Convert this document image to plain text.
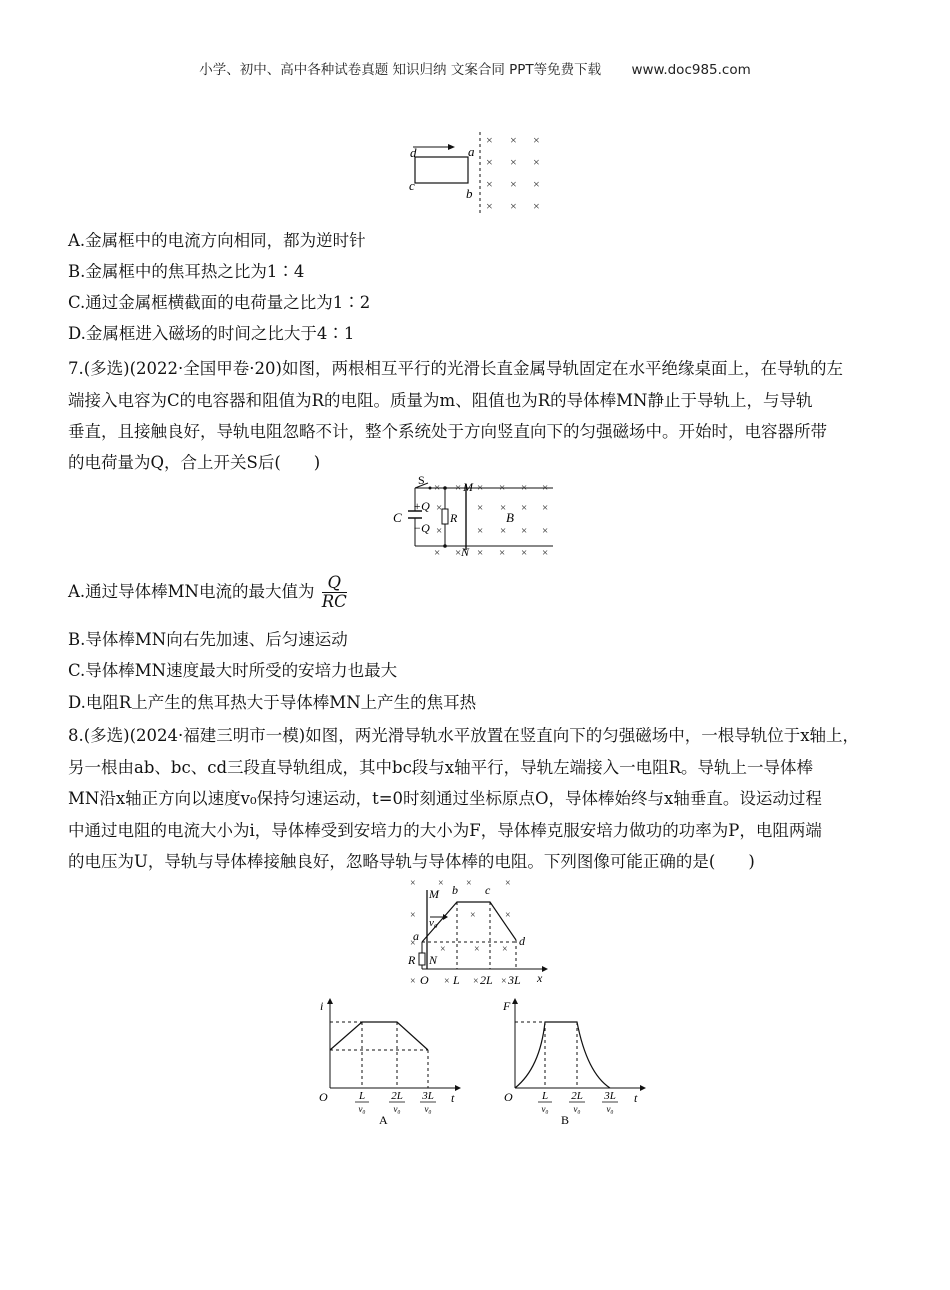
小学、初中、高中各种试卷真题 知识归纳 文案合同 PPT等免费下载 www.doc985.com
d	a
c
b
× × ×
× × ×
× × ×
× × ×
A.金属框中的电流方向相同，都为逆时针
B.金属框中的焦耳热之比为1∶4
C.通过金属框横截面的电荷量之比为1∶2
D.金属框进入磁场的时间之比大于4∶1
7.(多选)(2022·全国甲卷·20)如图，两根相互平行的光滑长直金属导轨固定在水平绝缘桌面上，在导轨的左
端接入电容为C的电容器和阻值为R的电阻。质量为m、阻值也为R的导体棒MN静止于导轨上，与导轨
垂直，且接触良好，导轨电阻忽略不计，整个系统处于方向竖直向下的匀强磁场中。开始时，电容器所带
的电荷量为Q，合上开关S后(　　)
S	M
N
C
+Q
−Q
R	B
× × × × × ×
×	× × ×
×
×	× × × ×
× × × × × ×
A.通过导体棒MN电流的最大值为 $\frac{Q}{RC}$
B.导体棒MN向右先加速、后匀速运动
C.导体棒MN速度最大时所受的安培力也最大
D.电阻R上产生的焦耳热大于导体棒MN上产生的焦耳热
8.(多选)(2024·福建三明市一模)如图，两光滑导轨水平放置在竖直向下的匀强磁场中，一根导轨位于x轴上，
另一根由ab、bc、cd三段直导轨组成，其中bc段与x轴平行，导轨左端接入一电阻R。导轨上一导体棒
MN沿x轴正方向以速度v₀保持匀速运动，t=0时刻通过坐标原点O，导体棒始终与x轴垂直。设运动过程
中通过电阻的电流大小为i，导体棒受到安培力的大小为F，导体棒克服安培力做功的功率为P，电阻两端
的电压为U，导轨与导体棒接触良好，忽略导轨与导体棒的电阻。下列图像可能正确的是(　　)
M b c
d
a
v₀
R N
O L 2L 3L x
× × ×	×
×	×	×
×
×	× ×
×	× × ×
i
O	t
L
v₀
2L
v₀
3L
v₀
A
F
O	t
L
v₀
2L
v₀
3L
v₀
B
